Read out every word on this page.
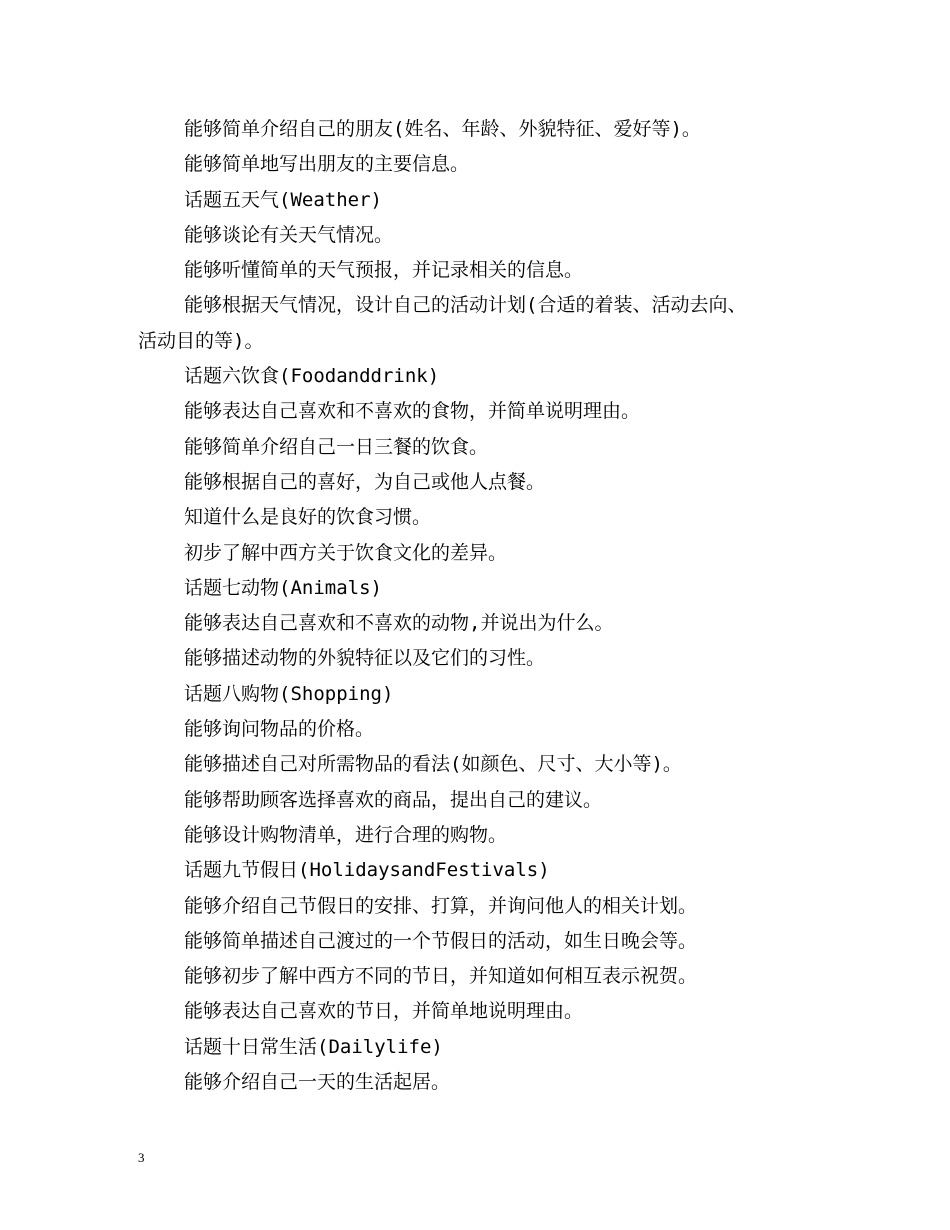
能够简单介绍自己的朋友(姓名、年龄、外貌特征、爱好等)。
能够简单地写出朋友的主要信息。
话题五天气(Weather)
能够谈论有关天气情况。
能够听懂简单的天气预报，并记录相关的信息。
能够根据天气情况，设计自己的活动计划(合适的着装、活动去向、
活动目的等)。
话题六饮食(Foodanddrink)
能够表达自己喜欢和不喜欢的食物，并简单说明理由。
能够简单介绍自己一日三餐的饮食。
能够根据自己的喜好，为自己或他人点餐。
知道什么是良好的饮食习惯。
初步了解中西方关于饮食文化的差异。
话题七动物(Animals)
能够表达自己喜欢和不喜欢的动物,并说出为什么。
能够描述动物的外貌特征以及它们的习性。
话题八购物(Shopping)
能够询问物品的价格。
能够描述自己对所需物品的看法(如颜色、尺寸、大小等)。
能够帮助顾客选择喜欢的商品，提出自己的建议。
能够设计购物清单，进行合理的购物。
话题九节假日(HolidaysandFestivals)
能够介绍自己节假日的安排、打算，并询问他人的相关计划。
能够简单描述自己渡过的一个节假日的活动，如生日晚会等。
能够初步了解中西方不同的节日，并知道如何相互表示祝贺。
能够表达自己喜欢的节日，并简单地说明理由。
话题十日常生活(Dailylife)
能够介绍自己一天的生活起居。
3
